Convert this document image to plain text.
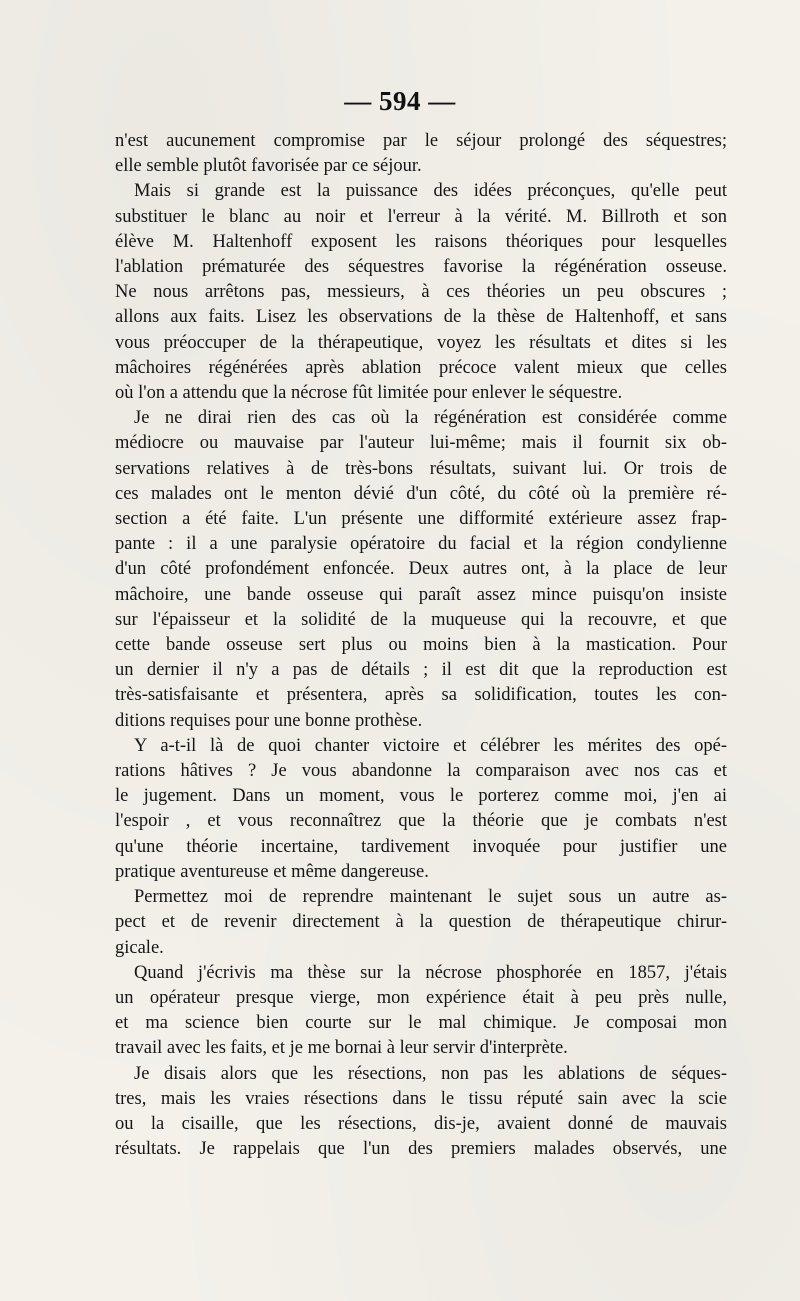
— 594 —
n'est aucunement compromise par le séjour prolongé des séquestres;
elle semble plutôt favorisée par ce séjour.
Mais si grande est la puissance des idées préconçues, qu'elle peut
substituer le blanc au noir et l'erreur à la vérité. M. Billroth et son
élève M. Haltenhoff exposent les raisons théoriques pour lesquelles
l'ablation prématurée des séquestres favorise la régénération osseuse.
Ne nous arrêtons pas, messieurs, à ces théories un peu obscures ;
allons aux faits. Lisez les observations de la thèse de Haltenhoff, et sans
vous préoccuper de la thérapeutique, voyez les résultats et dites si les
mâchoires régénérées après ablation précoce valent mieux que celles
où l'on a attendu que la nécrose fût limitée pour enlever le séquestre.
Je ne dirai rien des cas où la régénération est considérée comme
médiocre ou mauvaise par l'auteur lui-même; mais il fournit six ob-
servations relatives à de très-bons résultats, suivant lui. Or trois de
ces malades ont le menton dévié d'un côté, du côté où la première ré-
section a été faite. L'un présente une difformité extérieure assez frap-
pante : il a une paralysie opératoire du facial et la région condylienne
d'un côté profondément enfoncée. Deux autres ont, à la place de leur
mâchoire, une bande osseuse qui paraît assez mince puisqu'on insiste
sur l'épaisseur et la solidité de la muqueuse qui la recouvre, et que
cette bande osseuse sert plus ou moins bien à la mastication. Pour
un dernier il n'y a pas de détails ; il est dit que la reproduction est
très-satisfaisante et présentera, après sa solidification, toutes les con-
ditions requises pour une bonne prothèse.
Y a-t-il là de quoi chanter victoire et célébrer les mérites des opé-
rations hâtives ? Je vous abandonne la comparaison avec nos cas et
le jugement. Dans un moment, vous le porterez comme moi, j'en ai
l'espoir , et vous reconnaîtrez que la théorie que je combats n'est
qu'une théorie incertaine, tardivement invoquée pour justifier une
pratique aventureuse et même dangereuse.
Permettez moi de reprendre maintenant le sujet sous un autre as-
pect et de revenir directement à la question de thérapeutique chirur-
gicale.
Quand j'écrivis ma thèse sur la nécrose phosphorée en 1857, j'étais
un opérateur presque vierge, mon expérience était à peu près nulle,
et ma science bien courte sur le mal chimique. Je composai mon
travail avec les faits, et je me bornai à leur servir d'interprète.
Je disais alors que les résections, non pas les ablations de séques-
tres, mais les vraies résections dans le tissu réputé sain avec la scie
ou la cisaille, que les résections, dis-je, avaient donné de mauvais
résultats. Je rappelais que l'un des premiers malades observés, une
